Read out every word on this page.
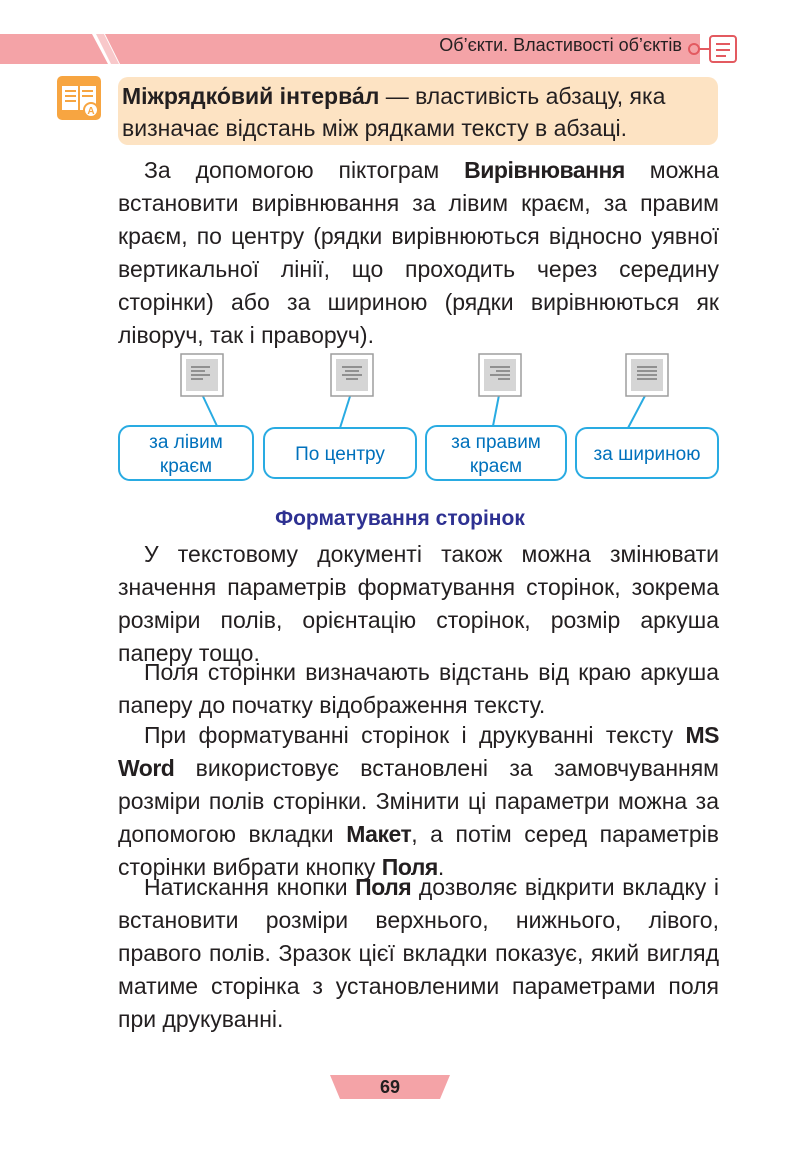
Об’єкти. Властивості об’єктів
A
Міжрядко́вий інтерва́л — властивість абзацу, яка визначає відстань між рядками тексту в абзаці.
За допомогою піктограм Вирівнювання можна встановити вирівнювання за лівим краєм, за правим краєм, по центру (рядки вирівнюються відносно уявної вертикальної лінії, що проходить через середину сторінки) або за шириною (рядки вирівнюються як ліворуч, так і праворуч).
за лівим
краєм
По центру
за правим
краєм
за шириною
Форматування сторінок
У текстовому документі також можна змінювати значення параметрів форматування сторінок, зокрема розміри полів, орієнтацію сторінок, розмір аркуша паперу тощо.
Поля сторінки визначають відстань від краю аркуша паперу до початку відображення тексту.
При форматуванні сторінок і друкуванні тексту MS Word використовує встановлені за замовчуванням розміри полів сторінки. Змінити ці параметри можна за допомогою вкладки Макет, а потім серед параметрів сторінки вибрати кнопку Поля.
Натискання кнопки Поля дозволяє відкрити вкладку і встановити розміри верхнього, нижнього, лівого, правого полів. Зразок цієї вкладки показує, який вигляд матиме сторінка з установленими параметрами поля при друкуванні.
69
